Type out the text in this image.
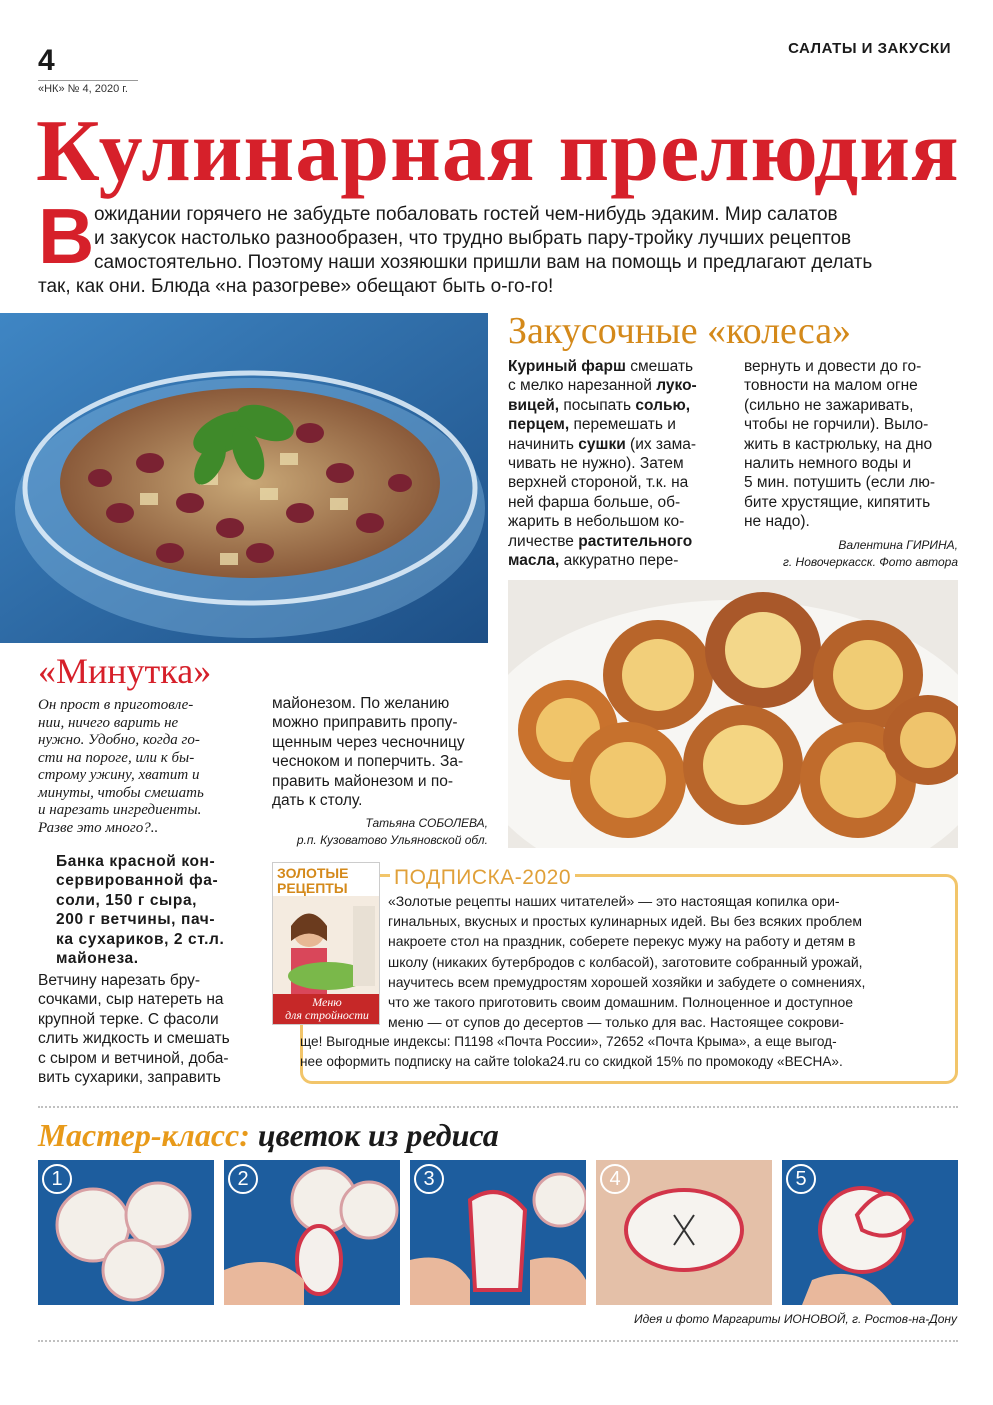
4
«НК» № 4, 2020 г.
САЛАТЫ И ЗАКУСКИ
Кулинарная прелюдия
В ожидании горячего не забудьте побаловать гостей чем-нибудь эдаким. Мир салатов
и закусок настолько разнообразен, что трудно выбрать пару-тройку лучших рецептов
самостоятельно. Поэтому наши хозяюшки пришли вам на помощь и предлагают делать
так, как они. Блюда «на разогреве» обещают быть о-го-го!
Закусочные «колеса»
Куриный фарш смешать
с мелко нарезанной луко-
вицей, посыпать солью,
перцем, перемешать и
начинить сушки (их зама-
чивать не нужно). Затем
верхней стороной, т.к. на
ней фарша больше, об-
жарить в небольшом ко-
личестве растительного
масла, аккуратно пере-
вернуть и довести до го-
товности на малом огне
(сильно не зажаривать,
чтобы не горчили). Выло-
жить в кастрюльку, на дно
налить немного воды и
5 мин. потушить (если лю-
бите хрустящие, кипятить
не надо).
Валентина ГИРИНА,
г. Новочеркасск. Фото автора
«Минутка»
Он прост в приготовле-
нии, ничего варить не
нужно. Удобно, когда го-
сти на пороге, или к бы-
строму ужину, хватит и
минуты, чтобы смешать
и нарезать ингредиенты.
Разве это много?..
Банка красной кон-
сервированной фа-
соли, 150 г сыра,
200 г ветчины, пач-
ка сухариков, 2 ст.л.
майонеза.
Ветчину нарезать бру-
сочками, сыр натереть на
крупной терке. С фасоли
слить жидкость и смешать
с сыром и ветчиной, доба-
вить сухарики, заправить
майонезом. По желанию
можно приправить пропу-
щенным через чесночницу
чесноком и поперчить. За-
править майонезом и по-
дать к столу.
Татьяна СОБОЛЕВА,
р.п. Кузоватово Ульяновской обл.
ПОДПИСКА-2020
ЗОЛОТЫЕ
РЕЦЕПТЫ
Меню
для стройности
«Золотые рецепты наших читателей» — это настоящая копилка ори-
гинальных, вкусных и простых кулинарных идей. Вы без всяких проблем
накроете стол на праздник, соберете перекус мужу на работу и детям в
школу (никаких бутербродов с колбасой), заготовите собранный урожай,
научитесь всем премудростям хорошей хозяйки и забудете о сомнениях,
что же такого приготовить своим домашним. Полноценное и доступное
меню — от супов до десертов — только для вас. Настоящее сокрови-
ще! Выгодные индексы: П1198 «Почта России», 72652 «Почта Крыма», а еще выгод-
нее оформить подписку на сайте toloka24.ru со скидкой 15% по промокоду «ВЕСНА».
Мастер-класс: цветок из редиса
1	2	3	4	5
Идея и фото Маргариты ИОНОВОЙ, г. Ростов-на-Дону
